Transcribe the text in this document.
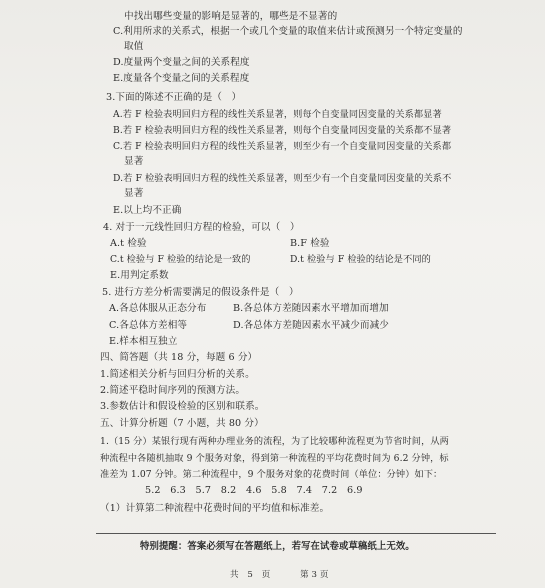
中找出哪些变量的影响是显著的，哪些是不显著的
C.利用所求的关系式，根据一个或几个变量的取值来估计或预测另一个特定变量的
取值
D.度量两个变量之间的关系程度
E.度量各个变量之间的关系程度
3.下面的陈述不正确的是（　）
A.若 F 检验表明回归方程的线性关系显著，则每个自变量同因变量的关系都显著
B.若 F 检验表明回归方程的线性关系显著，则每个自变量同因变量的关系都不显著
C.若 F 检验表明回归方程的线性关系显著，则至少有一个自变量同因变量的关系都
显著
D.若 F 检验表明回归方程的线性关系显著，则至少有一个自变量同因变量的关系不
显著
E.以上均不正确
4. 对于一元线性回归方程的检验，可以（　）
A.t 检验	B.F 检验
C.t 检验与 F 检验的结论是一致的	D.t 检验与 F 检验的结论是不同的
E.用判定系数
5. 进行方差分析需要满足的假设条件是（　）
A.各总体服从正态分布	B.各总体方差随因素水平增加而增加
C.各总体方差相等	D.各总体方差随因素水平减少而减少
E.样本相互独立
四、简答题（共 18 分，每题 6 分）
1.简述相关分析与回归分析的关系。
2.简述平稳时间序列的预测方法。
3.参数估计和假设检验的区别和联系。
五、计算分析题（7 小题，共 80 分）
1.（15 分）某银行现有两种办理业务的流程，为了比较哪种流程更为节省时间，从两
种流程中各随机抽取 9 个服务对象，得到第一种流程的平均花费时间为 6.2 分钟，标
准差为 1.07 分钟。第二种流程中，9 个服务对象的花费时间（单位：分钟）如下：
5.2　6.3　5.7　8.2　4.6　5.8　7.4　7.2　6.9
（1）计算第二种流程中花费时间的平均值和标准差。
特别提醒：答案必须写在答题纸上，若写在试卷或草稿纸上无效。
共　5　页	第 3 页
